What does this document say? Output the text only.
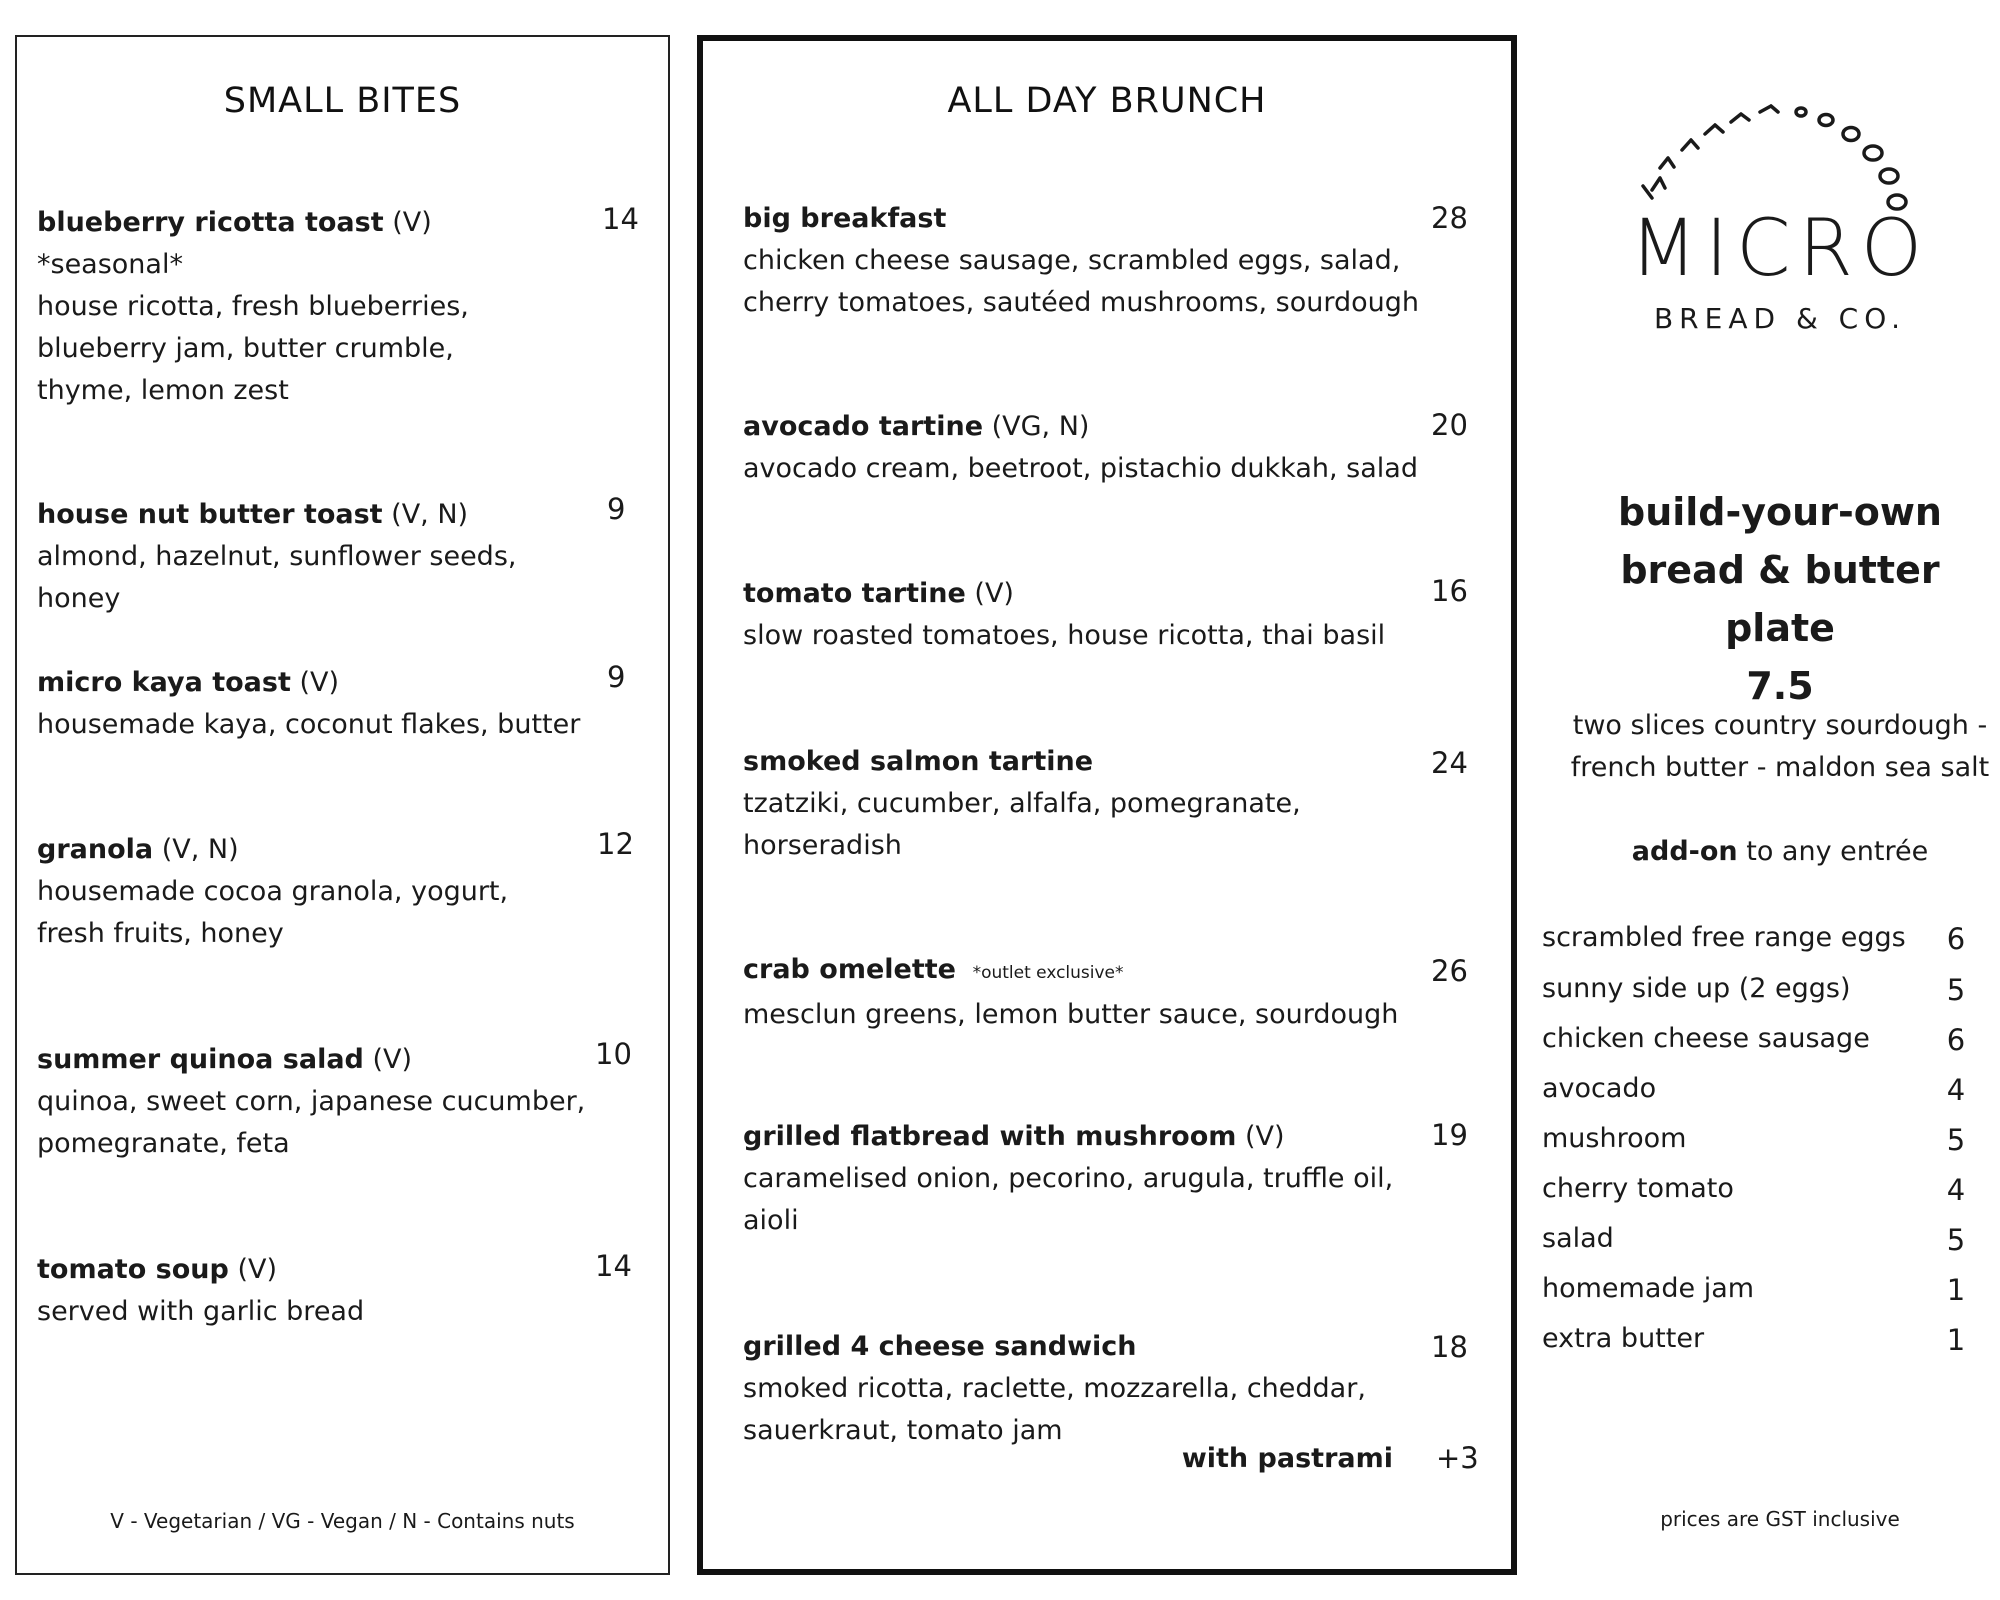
SMALL BITES
blueberry ricotta toast (V)
*seasonal*
house ricotta, fresh blueberries,
blueberry jam, butter crumble,
thyme, lemon zest
14
house nut butter toast (V, N)
almond, hazelnut, sunflower seeds, honey
9
micro kaya toast (V)
housemade kaya, coconut flakes, butter
9
granola (V, N)
housemade cocoa granola, yogurt,
fresh fruits, honey
12
summer quinoa salad (V)
quinoa, sweet corn, japanese cucumber,
pomegranate, feta
10
tomato soup (V)
served with garlic bread
14
V - Vegetarian / VG - Vegan / N - Contains nuts
ALL DAY BRUNCH
big breakfast
chicken cheese sausage, scrambled eggs, salad,
cherry tomatoes, sautéed mushrooms, sourdough
28
avocado tartine (VG, N)
avocado cream, beetroot, pistachio dukkah, salad
20
tomato tartine (V)
slow roasted tomatoes, house ricotta, thai basil
16
smoked salmon tartine
tzatziki, cucumber, alfalfa, pomegranate,
horseradish
24
crab omelette *outlet exclusive*
mesclun greens, lemon butter sauce, sourdough
26
grilled flatbread with mushroom (V)
caramelised onion, pecorino, arugula, truffle oil,
aioli
19
grilled 4 cheese sandwich
smoked ricotta, raclette, mozzarella, cheddar,
sauerkraut, tomato jam
18
with pastrami +3
MICRO
BREAD & CO.
build-your-own
bread & butter plate
7.5
two slices country sourdough -
french butter - maldon sea salt
add-on to any entrée
scrambled free range eggs 6
sunny side up (2 eggs)	5
chicken cheese sausage	6
avocado	4
mushroom	5
cherry tomato	4
salad	5
homemade jam	1
extra butter	1
prices are GST inclusive
